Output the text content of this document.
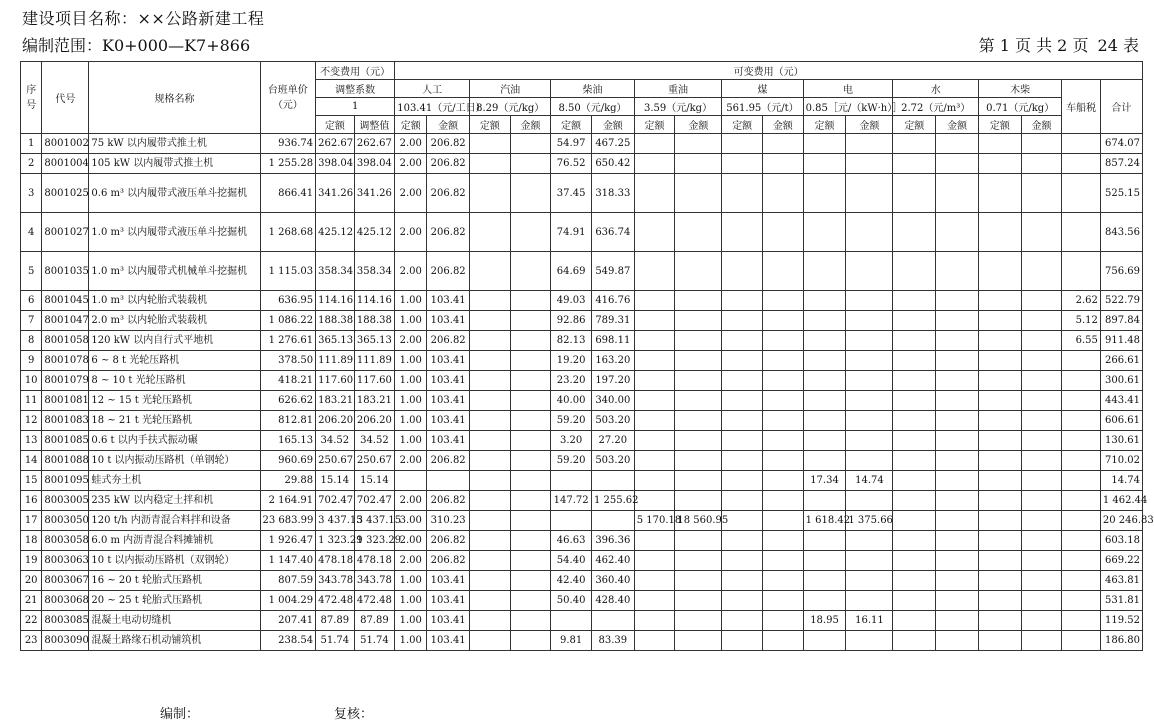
建设项目名称：××公路新建工程
编制范围：K0+000—K7+866	第 1 页 共 2 页 24 表
序号	代号	规格名称	台班单价（元）	不变费用（元）		可变费用（元）																	
				调整系数		人工		汽油		柴油		重油		煤		电		水		木柴		车船税	合计
				1		103.41（元/工日）		8.29（元/kg）		8.50（元/kg）		3.59（元/kg）		561.95（元/t）		0.85［元/（kW·h）］		2.72（元/m³）		0.71（元/kg）			
				定额	调整值	定额	金额	定额	金额	定额	金额	定额	金额	定额	金额	定额	金额	定额	金额	定额	金额		
1	8001002	75 kW 以内履带式推土机	936.74	262.67	262.67	2.00	206.82			54.97	467.25												674.07
2	8001004	105 kW 以内履带式推土机	1 255.28	398.04	398.04	2.00	206.82			76.52	650.42												857.24
3	8001025	0.6 m³ 以内履带式液压单斗挖掘机	866.41	341.26	341.26	2.00	206.82			37.45	318.33												525.15
4	8001027	1.0 m³ 以内履带式液压单斗挖掘机	1 268.68	425.12	425.12	2.00	206.82			74.91	636.74												843.56
5	8001035	1.0 m³ 以内履带式机械单斗挖掘机	1 115.03	358.34	358.34	2.00	206.82			64.69	549.87												756.69
6	8001045	1.0 m³ 以内轮胎式装载机	636.95	114.16	114.16	1.00	103.41			49.03	416.76											2.62	522.79
7	8001047	2.0 m³ 以内轮胎式装载机	1 086.22	188.38	188.38	1.00	103.41			92.86	789.31											5.12	897.84
8	8001058	120 kW 以内自行式平地机	1 276.61	365.13	365.13	2.00	206.82			82.13	698.11											6.55	911.48
9	8001078	6 ~ 8 t 光轮压路机	378.50	111.89	111.89	1.00	103.41			19.20	163.20												266.61
10	8001079	8 ~ 10 t 光轮压路机	418.21	117.60	117.60	1.00	103.41			23.20	197.20												300.61
11	8001081	12 ~ 15 t 光轮压路机	626.62	183.21	183.21	1.00	103.41			40.00	340.00												443.41
12	8001083	18 ~ 21 t 光轮压路机	812.81	206.20	206.20	1.00	103.41			59.20	503.20												606.61
13	8001085	0.6 t 以内手扶式振动碾	165.13	34.52	34.52	1.00	103.41			3.20	27.20												130.61
14	8001088	10 t 以内振动压路机（单钢轮）	960.69	250.67	250.67	2.00	206.82			59.20	503.20												710.02
15	8001095	蛙式夯土机	29.88	15.14	15.14											17.34	14.74						14.74
16	8003005	235 kW 以内稳定土拌和机	2 164.91	702.47	702.47	2.00	206.82			147.72	1 255.62												1 462.44
17	8003050	120 t/h 内沥青混合料拌和设备	23 683.99	3 437.15	3 437.15	3.00	310.23					5 170.18	18 560.95			1 618.42	1 375.66						20 246.83
18	8003058	6.0 m 内沥青混合料摊铺机	1 926.47	1 323.29	1 323.29	2.00	206.82			46.63	396.36												603.18
19	8003063	10 t 以内振动压路机（双钢轮）	1 147.40	478.18	478.18	2.00	206.82			54.40	462.40												669.22
20	8003067	16 ~ 20 t 轮胎式压路机	807.59	343.78	343.78	1.00	103.41			42.40	360.40												463.81
21	8003068	20 ~ 25 t 轮胎式压路机	1 004.29	472.48	472.48	1.00	103.41			50.40	428.40												531.81
22	8003085	混凝土电动切缝机	207.41	87.89	87.89	1.00	103.41									18.95	16.11						119.52
23	8003090	混凝土路缘石机动铺筑机	238.54	51.74	51.74	1.00	103.41			9.81	83.39												186.80
编制：	复核：
